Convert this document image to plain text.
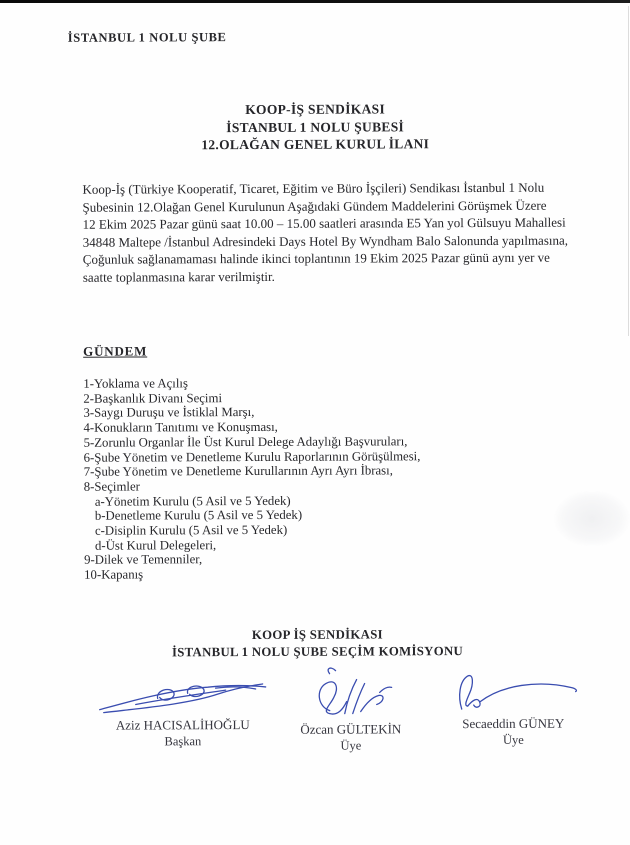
İSTANBUL 1 NOLU ŞUBE
KOOP-İŞ SENDİKASI
İSTANBUL 1 NOLU ŞUBESİ
12.OLAĞAN GENEL KURUL İLANI
Koop-İş (Türkiye Kooperatif, Ticaret, Eğitim ve Büro İşçileri) Sendikası İstanbul 1 Nolu
Şubesinin 12.Olağan Genel Kurulunun Aşağıdaki Gündem Maddelerini Görüşmek Üzere
12 Ekim 2025 Pazar günü saat 10.00 – 15.00 saatleri arasında E5 Yan yol Gülsuyu Mahallesi
34848 Maltepe /İstanbul Adresindeki Days Hotel By Wyndham Balo Salonunda yapılmasına,
Çoğunluk sağlanamaması halinde ikinci toplantının 19 Ekim 2025 Pazar günü aynı yer ve
saatte toplanmasına karar verilmiştir.
GÜNDEM
1-Yoklama ve Açılış
2-Başkanlık Divanı Seçimi
3-Saygı Duruşu ve İstiklal Marşı,
4-Konukların Tanıtımı ve Konuşması,
5-Zorunlu Organlar İle Üst Kurul Delege Adaylığı Başvuruları,
6-Şube Yönetim ve Denetleme Kurulu Raporlarının Görüşülmesi,
7-Şube Yönetim ve Denetleme Kurullarının Ayrı Ayrı İbrası,
8-Seçimler
a-Yönetim Kurulu (5 Asil ve 5 Yedek)
b-Denetleme Kurulu (5 Asil ve 5 Yedek)
c-Disiplin Kurulu (5 Asil ve 5 Yedek)
d-Üst Kurul Delegeleri,
9-Dilek ve Temenniler,
10-Kapanış
KOOP İŞ SENDİKASI
İSTANBUL 1 NOLU ŞUBE SEÇİM KOMİSYONU
Aziz HACISALİHOĞLU
Başkan
Özcan GÜLTEKİN
Üye
Secaeddin GÜNEY
Üye
